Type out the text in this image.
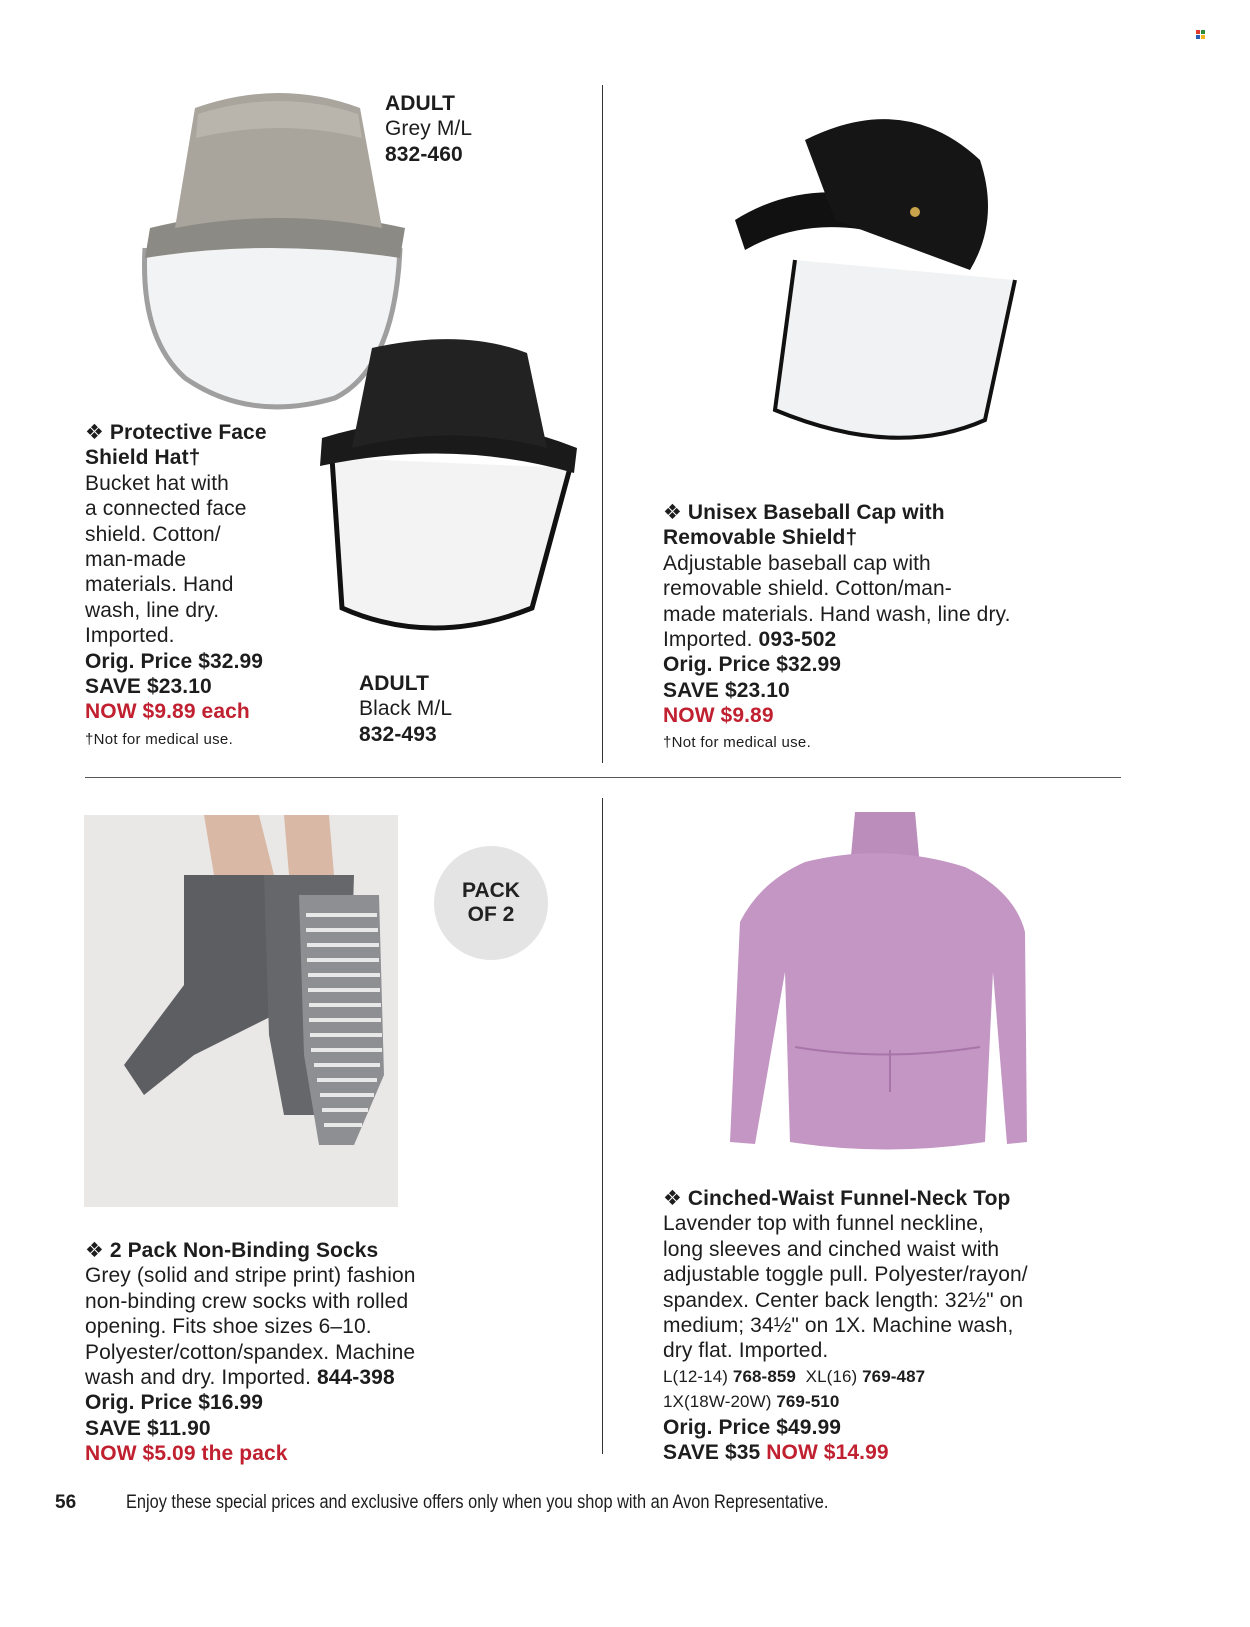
ADULT
Grey M/L
832-460
❖ Protective Face
Shield Hat†
Bucket hat with
a connected face
shield. Cotton/
man-made
materials. Hand
wash, line dry.
Imported.
Orig. Price $32.99
SAVE $23.10
NOW $9.89 each
†Not for medical use.
ADULT
Black M/L
832-493
❖ Unisex Baseball Cap with
Removable Shield†
Adjustable baseball cap with
removable shield. Cotton/man-
made materials. Hand wash, line dry.
Imported. 093-502
Orig. Price $32.99
SAVE $23.10
NOW $9.89
†Not for medical use.
PACK
OF 2
❖ 2 Pack Non-Binding Socks
Grey (solid and stripe print) fashion
non-binding crew socks with rolled
opening. Fits shoe sizes 6–10.
Polyester/cotton/spandex. Machine
wash and dry. Imported. 844-398
Orig. Price $16.99
SAVE $11.90
NOW $5.09 the pack
❖ Cinched-Waist Funnel-Neck Top
Lavender top with funnel neckline,
long sleeves and cinched waist with
adjustable toggle pull. Polyester/rayon/
spandex. Center back length: 32½" on
medium; 34½" on 1X. Machine wash,
dry flat. Imported.
L(12-14) 768-859 XL(16) 769-487
1X(18W-20W) 769-510
Orig. Price $49.99
SAVE $35 NOW $14.99
56	Enjoy these special prices and exclusive offers only when you shop with an Avon Representative.
